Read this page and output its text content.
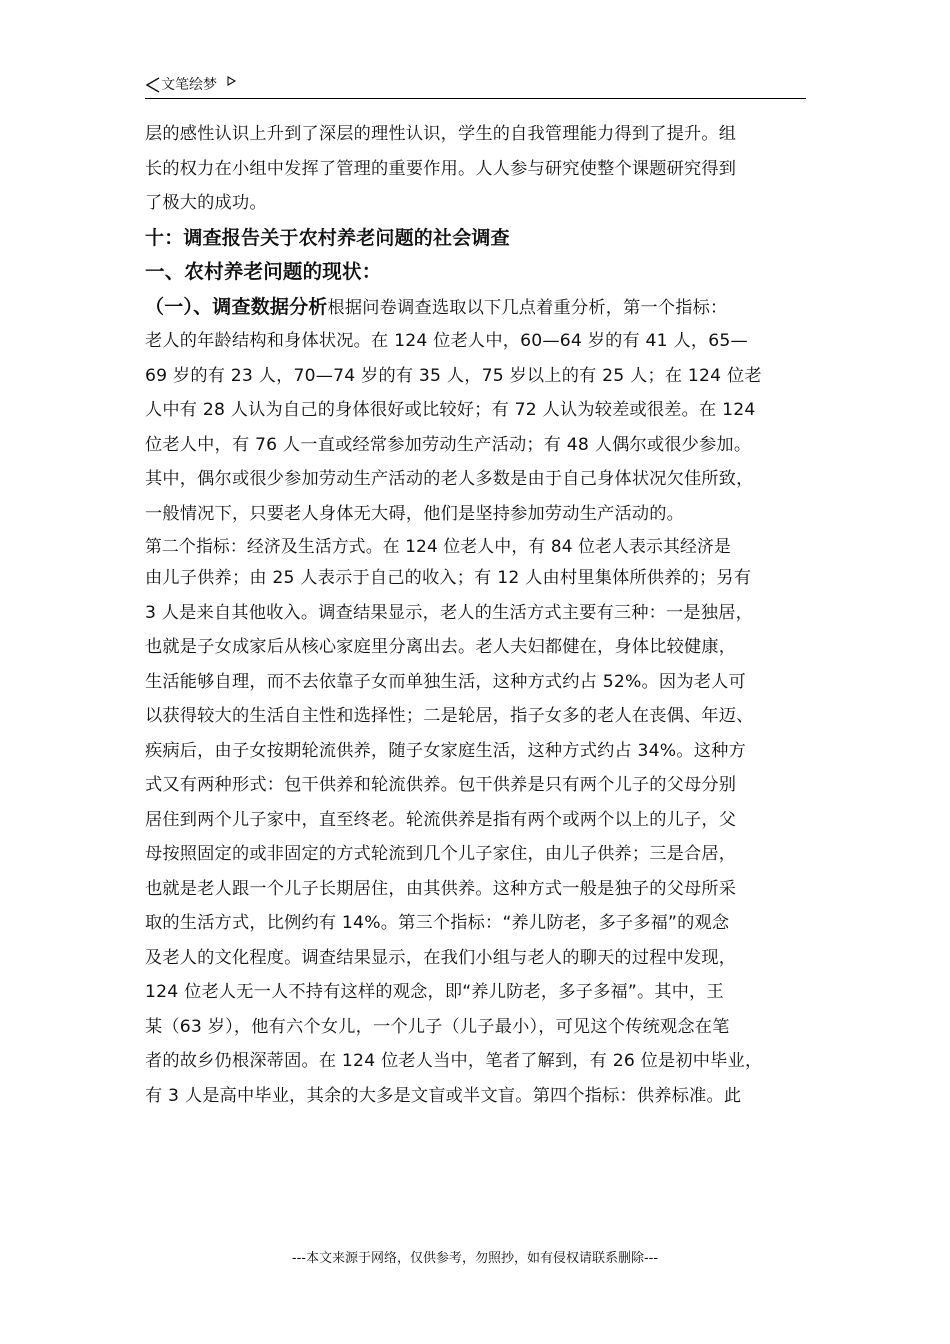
文笔绘梦
层的感性认识上升到了深层的理性认识，学生的自我管理能力得到了提升。组
长的权力在小组中发挥了管理的重要作用。人人参与研究使整个课题研究得到
了极大的成功。
十：调查报告关于农村养老问题的社会调查
一、农村养老问题的现状：
（一）、调查数据分析根据问卷调查选取以下几点着重分析，第一个指标：
老人的年龄结构和身体状况。在 124 位老人中，60—64 岁的有 41 人，65—
69 岁的有 23 人，70—74 岁的有 35 人，75 岁以上的有 25 人；在 124 位老
人中有 28 人认为自己的身体很好或比较好；有 72 人认为较差或很差。在 124
位老人中，有 76 人一直或经常参加劳动生产活动；有 48 人偶尔或很少参加。
其中，偶尔或很少参加劳动生产活动的老人多数是由于自己身体状况欠佳所致，
一般情况下，只要老人身体无大碍，他们是坚持参加劳动生产活动的。
第二个指标：经济及生活方式。在 124 位老人中，有 84 位老人表示其经济是
由儿子供养；由 25 人表示于自己的收入；有 12 人由村里集体所供养的；另有
3 人是来自其他收入。调查结果显示，老人的生活方式主要有三种：一是独居，
也就是子女成家后从核心家庭里分离出去。老人夫妇都健在，身体比较健康，
生活能够自理，而不去依靠子女而单独生活，这种方式约占 52%。因为老人可
以获得较大的生活自主性和选择性；二是轮居，指子女多的老人在丧偶、年迈、
疾病后，由子女按期轮流供养，随子女家庭生活，这种方式约占 34%。这种方
式又有两种形式：包干供养和轮流供养。包干供养是只有两个儿子的父母分别
居住到两个儿子家中，直至终老。轮流供养是指有两个或两个以上的儿子，父
母按照固定的或非固定的方式轮流到几个儿子家住，由儿子供养；三是合居，
也就是老人跟一个儿子长期居住，由其供养。这种方式一般是独子的父母所采
取的生活方式，比例约有 14%。第三个指标：“养儿防老，多子多福”的观念
及老人的文化程度。调查结果显示，在我们小组与老人的聊天的过程中发现，
124 位老人无一人不持有这样的观念，即“养儿防老，多子多福”。其中，王
某（63 岁），他有六个女儿，一个儿子（儿子最小），可见这个传统观念在笔
者的故乡仍根深蒂固。在 124 位老人当中，笔者了解到，有 26 位是初中毕业，
有 3 人是高中毕业，其余的大多是文盲或半文盲。第四个指标：供养标准。此
---本文来源于网络，仅供参考，勿照抄，如有侵权请联系删除---
